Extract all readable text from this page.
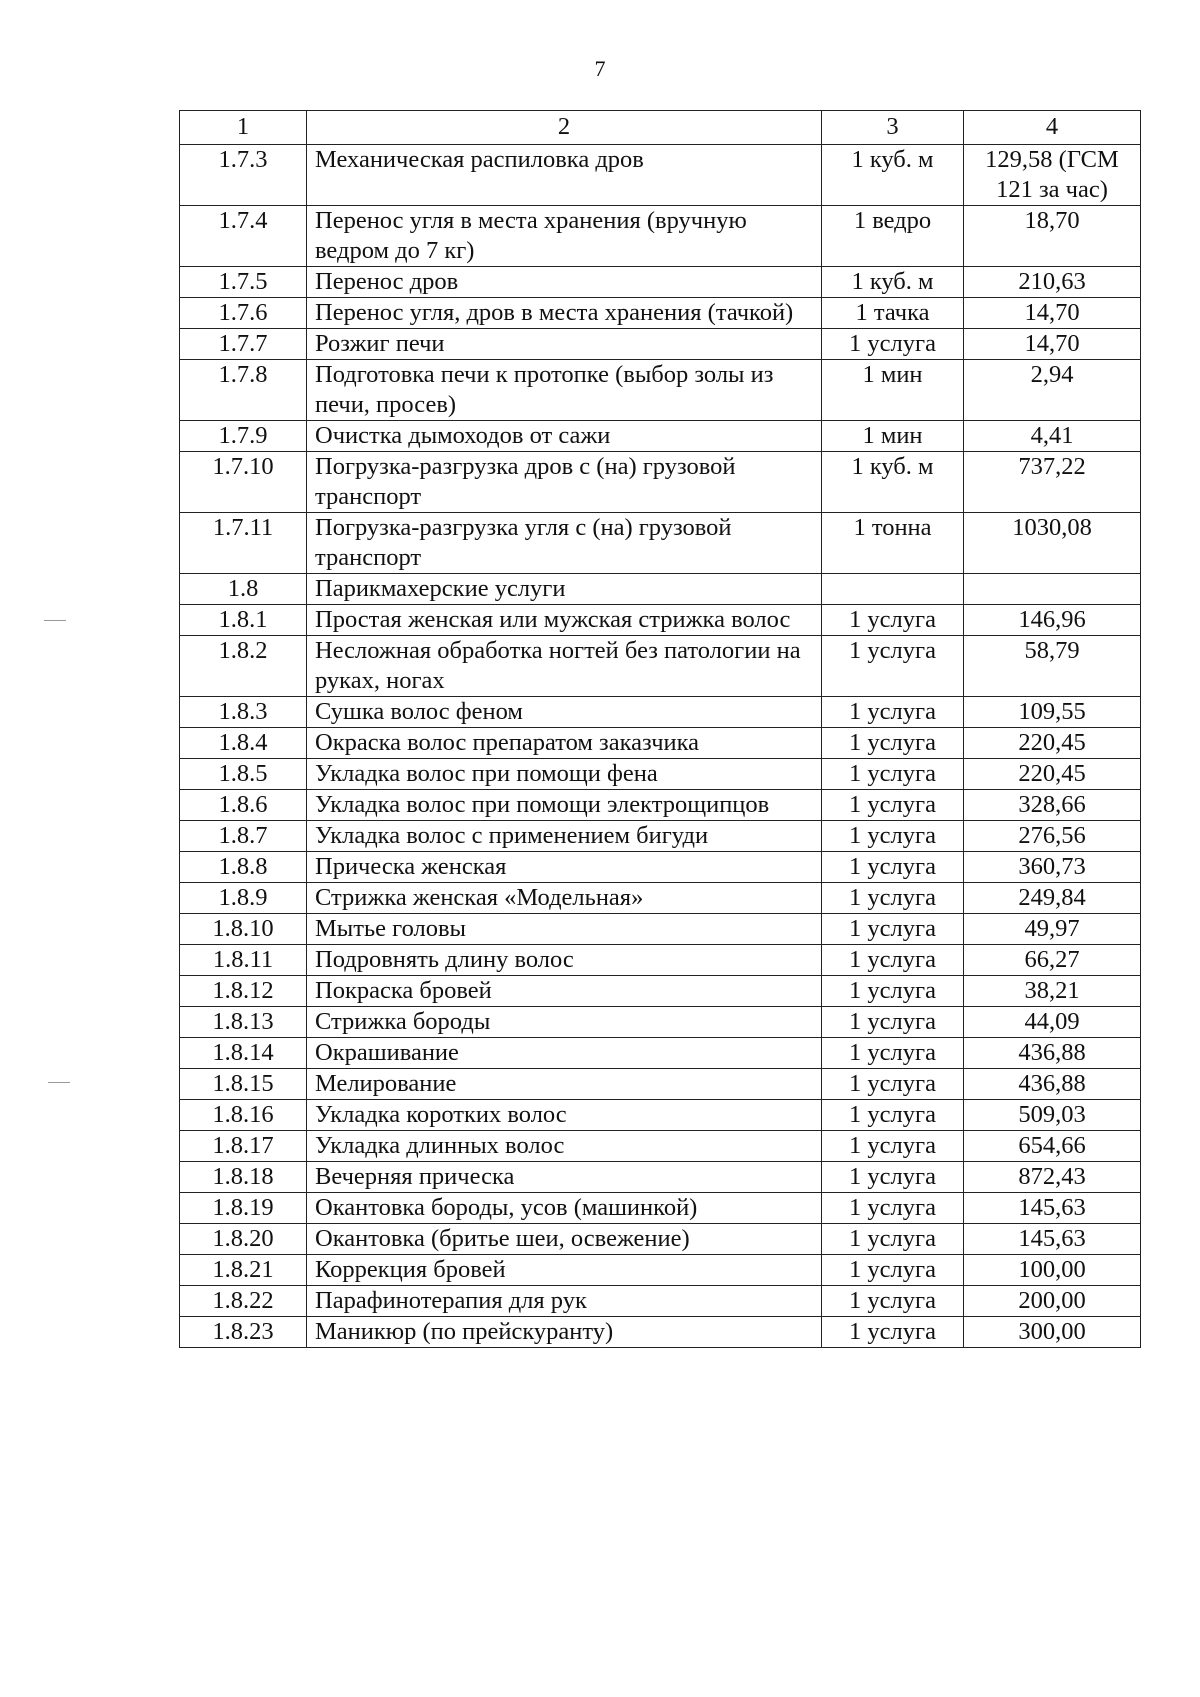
7
1	2	3	4
1.7.3	Механическая распиловка дров	1 куб. м	129,58 (ГСМ 121 за час)
1.7.4	Перенос угля в места хранения (вручную ведром до 7 кг)	1 ведро	18,70
1.7.5	Перенос дров	1 куб. м	210,63
1.7.6	Перенос угля, дров в места хранения (тачкой)	1 тачка	14,70
1.7.7	Розжиг печи	1 услуга	14,70
1.7.8	Подготовка печи к протопке (выбор золы из печи, просев)	1 мин	2,94
1.7.9	Очистка дымоходов от сажи	1 мин	4,41
1.7.10	Погрузка-разгрузка дров с (на) грузовой транспорт	1 куб. м	737,22
1.7.11	Погрузка-разгрузка угля с (на) грузовой транспорт	1 тонна	1030,08
1.8	Парикмахерские услуги		
1.8.1	Простая женская или мужская стрижка волос	1 услуга	146,96
1.8.2	Несложная обработка ногтей без патологии на руках, ногах	1 услуга	58,79
1.8.3	Сушка волос феном	1 услуга	109,55
1.8.4	Окраска волос препаратом заказчика	1 услуга	220,45
1.8.5	Укладка волос при помощи фена	1 услуга	220,45
1.8.6	Укладка волос при помощи электрощипцов	1 услуга	328,66
1.8.7	Укладка волос с применением бигуди	1 услуга	276,56
1.8.8	Прическа женская	1 услуга	360,73
1.8.9	Стрижка женская «Модельная»	1 услуга	249,84
1.8.10	Мытье головы	1 услуга	49,97
1.8.11	Подровнять длину волос	1 услуга	66,27
1.8.12	Покраска бровей	1 услуга	38,21
1.8.13	Стрижка бороды	1 услуга	44,09
1.8.14	Окрашивание	1 услуга	436,88
1.8.15	Мелирование	1 услуга	436,88
1.8.16	Укладка коротких волос	1 услуга	509,03
1.8.17	Укладка длинных волос	1 услуга	654,66
1.8.18	Вечерняя прическа	1 услуга	872,43
1.8.19	Окантовка бороды, усов (машинкой)	1 услуга	145,63
1.8.20	Окантовка (бритье шеи, освежение)	1 услуга	145,63
1.8.21	Коррекция бровей	1 услуга	100,00
1.8.22	Парафинотерапия для рук	1 услуга	200,00
1.8.23	Маникюр (по прейскуранту)	1 услуга	300,00
